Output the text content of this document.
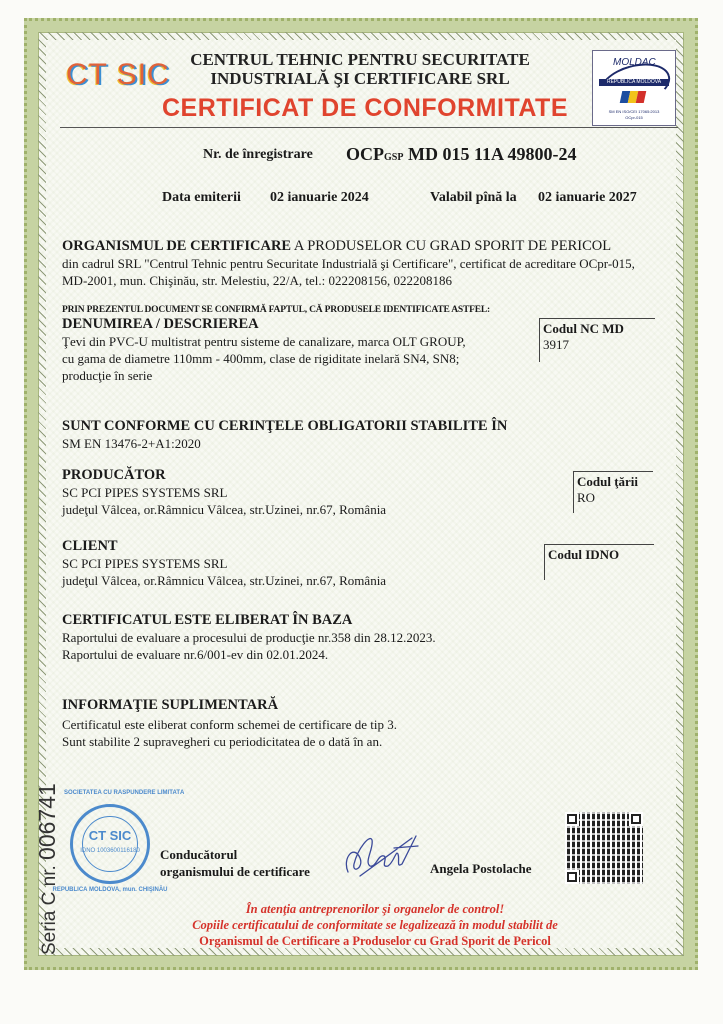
CT SIC	CENTRUL TEHNIC PENTRU SECURITATE
INDUSTRIALĂ ŞI CERTIFICARE SRL
MOLDAC
REPUBLICA MOLDOVA
SM EN ISO/CEI 17065:2013
OCpr-015
CERTIFICAT DE CONFORMITATE
Nr. de înregistrare OCPGSP MD 015 11A 49800-24
Data emiterii 02 ianuarie 2024	Valabil pînă la 02 ianuarie 2027
ORGANISMUL DE CERTIFICARE A PRODUSELOR CU GRAD SPORIT DE PERICOL
din cadrul SRL "Centrul Tehnic pentru Securitate Industrială şi Certificare", certificat de acreditare OCpr-015,
MD-2001, mun. Chişinău, str. Melestiu, 22/A, tel.: 022208156, 022208186
PRIN PREZENTUL DOCUMENT SE CONFIRMĂ FAPTUL, CĂ PRODUSELE IDENTIFICATE ASTFEL:
DENUMIREA / DESCRIEREA
Ţevi din PVC-U multistrat pentru sisteme de canalizare, marca OLT GROUP,
cu gama de diametre 110mm - 400mm, clase de rigiditate inelară SN4, SN8;
producţie în serie
Codul NC MD
3917
SUNT CONFORME CU CERINŢELE OBLIGATORII STABILITE ÎN
SM EN 13476-2+A1:2020
PRODUCĂTOR
SC PCI PIPES SYSTEMS SRL
judeţul Vâlcea, or.Râmnicu Vâlcea, str.Uzinei, nr.67, România
Codul ţării
RO
CLIENT
SC PCI PIPES SYSTEMS SRL
judeţul Vâlcea, or.Râmnicu Vâlcea, str.Uzinei, nr.67, România
Codul IDNO
CERTIFICATUL ESTE ELIBERAT ÎN BAZA
Raportului de evaluare a procesului de producţie nr.358 din 28.12.2023.
Raportului de evaluare nr.6/001-ev din 02.01.2024.
INFORMAŢIE SUPLIMENTARĂ
Certificatul este eliberat conform schemei de certificare de tip 3.
Sunt stabilite 2 supravegheri cu periodicitatea de o dată în an.
Seria C nr. 006741 SOCIETATEA CU RĂSPUNDERE LIMITATĂ
CT SIC
IDNO 1003600116180
REPUBLICA MOLDOVA, mun. CHIŞINĂU
Conducătorul
organismului de certificare	Angela Postolache
În atenţia antreprenorilor şi organelor de control!
Copiile certificatului de conformitate se legalizează în modul stabilit de
Organismul de Certificare a Produselor cu Grad Sporit de Pericol
